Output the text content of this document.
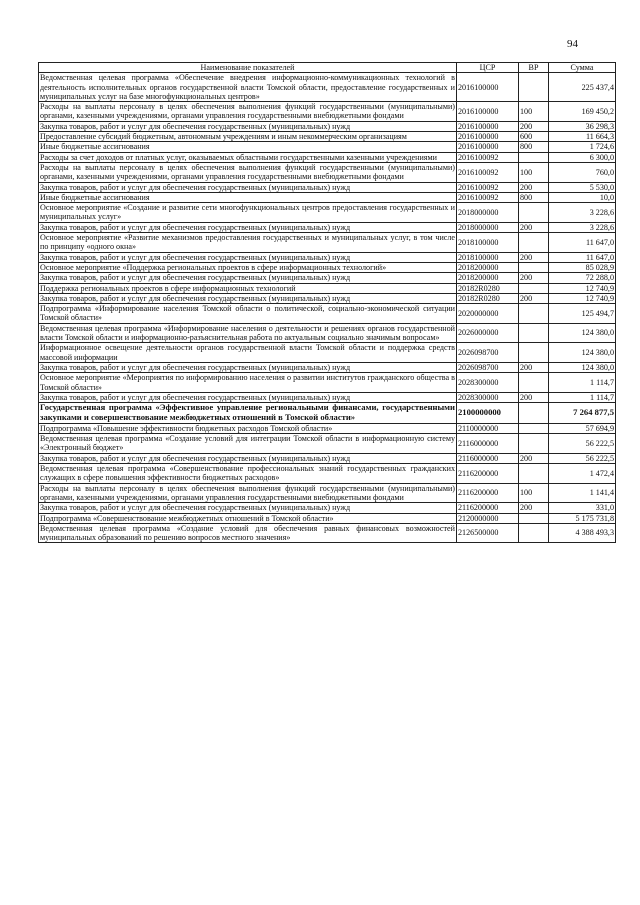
94
Наименование показателей	ЦСР	ВР	Сумма
Ведомственная целевая программа «Обеспечение внедрения информационно-коммуникационных технологий в деятельность исполнительных органов государственной власти Томской области, предоставление государственных и муниципальных услуг на базе многофункциональных центров»	2016100000		225 437,4
Расходы на выплаты персоналу в целях обеспечения выполнения функций государственными (муниципальными) органами, казенными учреждениями, органами управления государственными внебюджетными фондами	2016100000	100	169 450,2
Закупка товаров, работ и услуг для обеспечения государственных (муниципальных) нужд	2016100000	200	36 298,3
Предоставление субсидий бюджетным, автономным учреждениям и иным некоммерческим организациям	2016100000	600	11 664,3
Иные бюджетные ассигнования	2016100000	800	1 724,6
Расходы за счет доходов от платных услуг, оказываемых областными государственными казенными учреждениями	2016100092		6 300,0
Расходы на выплаты персоналу в целях обеспечения выполнения функций государственными (муниципальными) органами, казенными учреждениями, органами управления государственными внебюджетными фондами	2016100092	100	760,0
Закупка товаров, работ и услуг для обеспечения государственных (муниципальных) нужд	2016100092	200	5 530,0
Иные бюджетные ассигнования	2016100092	800	10,0
Основное мероприятие «Создание и развитие сети многофункциональных центров предоставления государственных и муниципальных услуг»	2018000000		3 228,6
Закупка товаров, работ и услуг для обеспечения государственных (муниципальных) нужд	2018000000	200	3 228,6
Основное мероприятие «Развитие механизмов предоставления государственных и муниципальных услуг, в том числе по принципу «одного окна»	2018100000		11 647,0
Закупка товаров, работ и услуг для обеспечения государственных (муниципальных) нужд	2018100000	200	11 647,0
Основное мероприятие «Поддержка региональных проектов в сфере информационных технологий»	2018200000		85 028,9
Закупка товаров, работ и услуг для обеспечения государственных (муниципальных) нужд	2018200000	200	72 288,0
Поддержка региональных проектов в сфере информационных технологий	20182R0280		12 740,9
Закупка товаров, работ и услуг для обеспечения государственных (муниципальных) нужд	20182R0280	200	12 740,9
Подпрограмма «Информирование населения Томской области о политической, социально-экономической ситуации Томской области»	2020000000		125 494,7
Ведомственная целевая программа «Информирование населения о деятельности и решениях органов государственной власти Томской области и информационно-разъяснительная работа по актуальным социально значимым вопросам»	2026000000		124 380,0
Информационное освещение деятельности органов государственной власти Томской области и поддержка средств массовой информации	2026098700		124 380,0
Закупка товаров, работ и услуг для обеспечения государственных (муниципальных) нужд	2026098700	200	124 380,0
Основное мероприятие «Мероприятия по информированию населения о развитии институтов гражданского общества в Томской области»	2028300000		1 114,7
Закупка товаров, работ и услуг для обеспечения государственных (муниципальных) нужд	2028300000	200	1 114,7
Государственная программа «Эффективное управление региональными финансами, государственными закупками и совершенствование межбюджетных отношений в Томской области»	2100000000		7 264 877,5
Подпрограмма «Повышение эффективности бюджетных расходов Томской области»	2110000000		57 694,9
Ведомственная целевая программа «Создание условий для интеграции Томской области в информационную систему «Электронный бюджет»	2116000000		56 222,5
Закупка товаров, работ и услуг для обеспечения государственных (муниципальных) нужд	2116000000	200	56 222,5
Ведомственная целевая программа «Совершенствование профессиональных знаний государственных гражданских служащих в сфере повышения эффективности бюджетных расходов»	2116200000		1 472,4
Расходы на выплаты персоналу в целях обеспечения выполнения функций государственными (муниципальными) органами, казенными учреждениями, органами управления государственными внебюджетными фондами	2116200000	100	1 141,4
Закупка товаров, работ и услуг для обеспечения государственных (муниципальных) нужд	2116200000	200	331,0
Подпрограмма «Совершенствование межбюджетных отношений в Томской области»	2120000000		5 175 731,8
Ведомственная целевая программа «Создание условий для обеспечения равных финансовых возможностей муниципальных образований по решению вопросов местного значения»	2126500000		4 388 493,3
